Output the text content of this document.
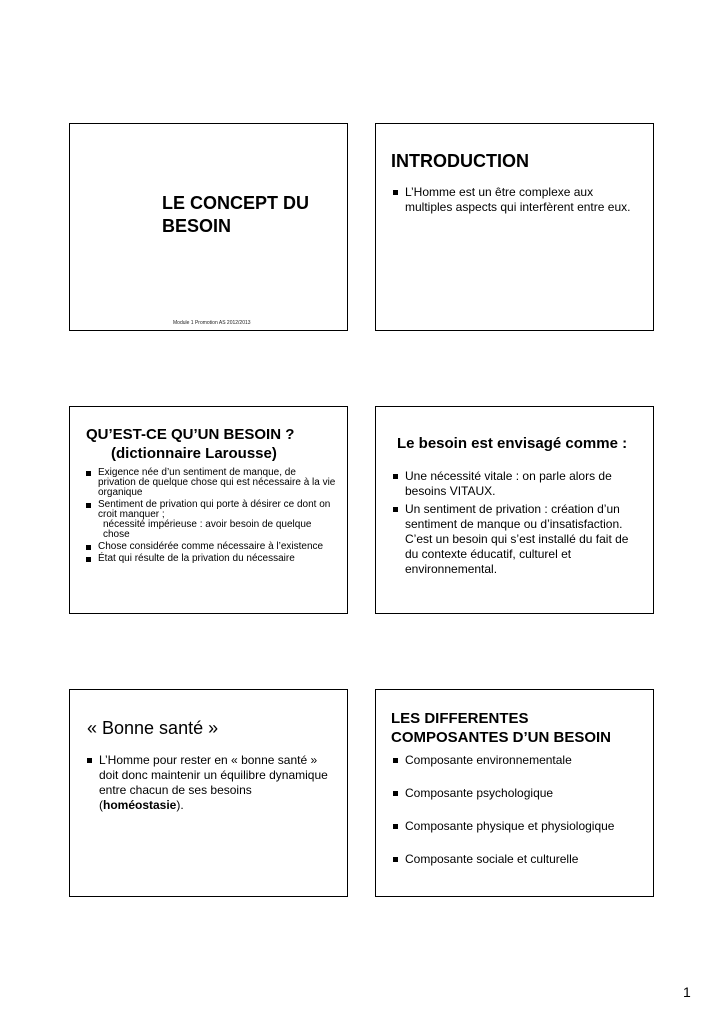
LE CONCEPT DU
BESOIN
Module 1 Promotion AS 2012/2013
INTRODUCTION
L’Homme est un être complexe aux multiples aspects qui interfèrent entre eux.
QU’EST-CE QU’UN BESOIN ?
(dictionnaire Larousse)
Exigence née d’un sentiment de manque, de privation de quelque chose qui est nécessaire à la vie organique
Sentiment de privation qui porte à désirer ce dont on croit manquer ;
nécessité impérieuse : avoir besoin de quelque chose
Chose considérée comme nécessaire à l’existence
État qui résulte de la privation du nécessaire
Le besoin est envisagé comme :
Une nécessité vitale : on parle alors de besoins VITAUX.
Un sentiment de privation : création d’un sentiment de manque ou d’insatisfaction. C’est un besoin qui s’est installé du fait de du contexte éducatif, culturel et environnemental.
« Bonne santé »
L’Homme pour rester en « bonne santé » doit donc maintenir un équilibre dynamique entre chacun de ses besoins (homéostasie).
LES DIFFERENTES
COMPOSANTES D’UN BESOIN
Composante environnementale
Composante psychologique
Composante physique et physiologique
Composante sociale et culturelle
1
